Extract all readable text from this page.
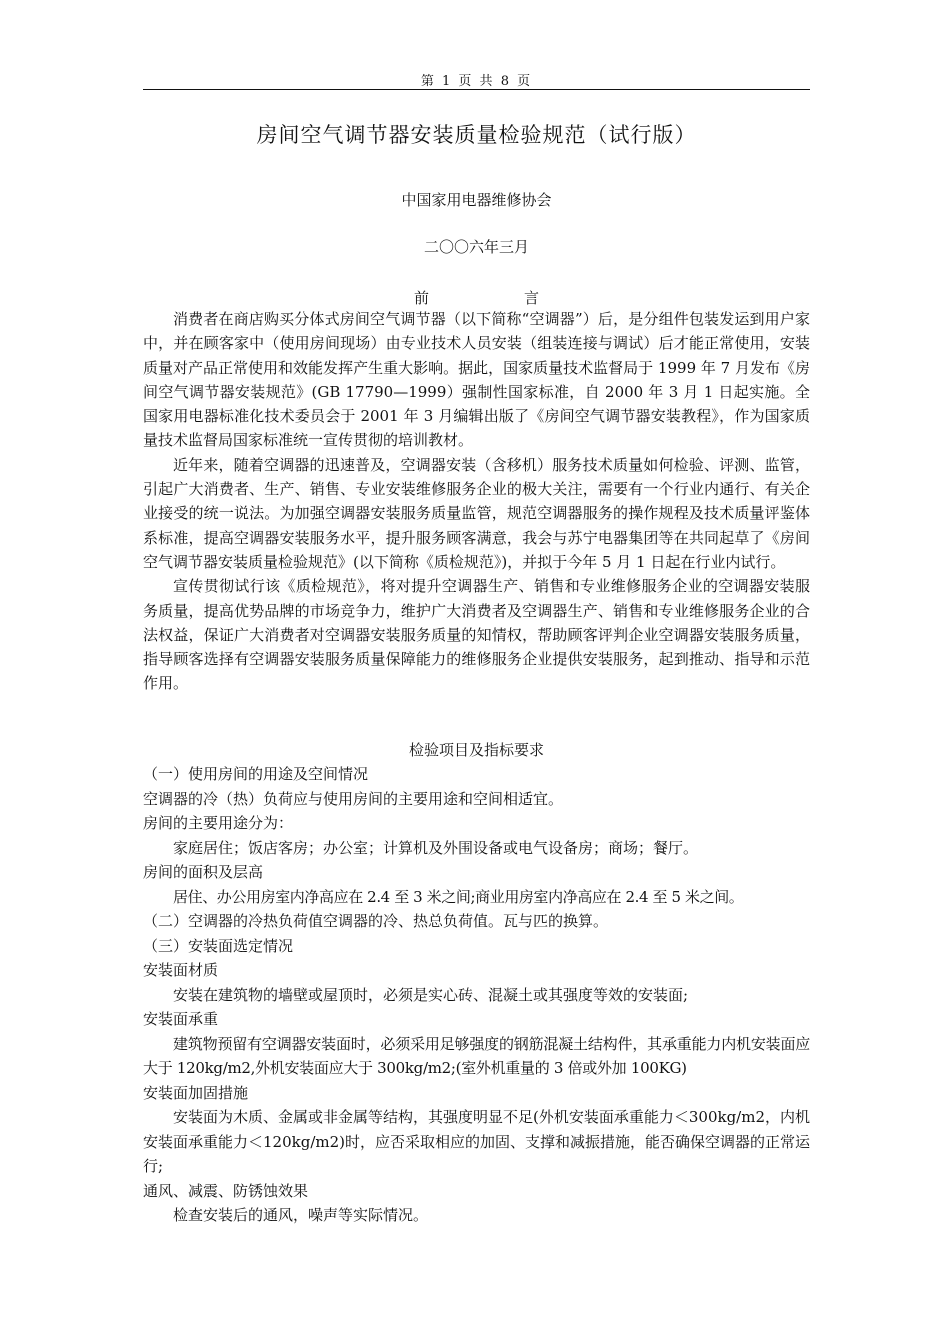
第 1 页 共 8 页
房间空气调节器安装质量检验规范（试行版）
中国家用电器维修协会
二〇〇六年三月
前	言

消费者在商店购买分体式房间空气调节器（以下简称“空调器”）后，是分组件包装发运到用户家中，并在顾客家中（使用房间现场）由专业技术人员安装（组装连接与调试）后才能正常使用，安装质量对产品正常使用和效能发挥产生重大影响。据此，国家质量技术监督局于 1999 年 7 月发布《房间空气调节器安装规范》(GB 17790—1999）强制性国家标准，自 2000 年 3 月 1 日起实施。全国家用电器标准化技术委员会于 2001 年 3 月编辑出版了《房间空气调节器安装教程》，作为国家质量技术监督局国家标准统一宣传贯彻的培训教材。

近年来，随着空调器的迅速普及，空调器安装（含移机）服务技术质量如何检验、评测、监管，引起广大消费者、生产、销售、专业安装维修服务企业的极大关注，需要有一个行业内通行、有关企业接受的统一说法。为加强空调器安装服务质量监管，规范空调器服务的操作规程及技术质量评鉴体系标准，提高空调器安装服务水平，提升服务顾客满意，我会与苏宁电器集团等在共同起草了《房间空气调节器安装质量检验规范》(以下简称《质检规范》)，并拟于今年 5 月 1 日起在行业内试行。

宣传贯彻试行该《质检规范》，将对提升空调器生产、销售和专业维修服务企业的空调器安装服务质量，提高优势品牌的市场竞争力，维护广大消费者及空调器生产、销售和专业维修服务企业的合法权益，保证广大消费者对空调器安装服务质量的知情权，帮助顾客评判企业空调器安装服务质量，指导顾客选择有空调器安装服务质量保障能力的维修服务企业提供安装服务，起到推动、指导和示范作用。

检验项目及指标要求

（一）使用房间的用途及空间情况

空调器的冷（热）负荷应与使用房间的主要用途和空间相适宜。

房间的主要用途分为：

家庭居住；饭店客房；办公室；计算机及外围设备或电气设备房；商场；餐厅。

房间的面积及层高

居住、办公用房室内净高应在 2.4 至 3 米之间;商业用房室内净高应在 2.4 至 5 米之间。

（二）空调器的冷热负荷值空调器的冷、热总负荷值。瓦与匹的换算。

（三）安装面选定情况

安装面材质

安装在建筑物的墙壁或屋顶时，必须是实心砖、混凝土或其强度等效的安装面;

安装面承重

建筑物预留有空调器安装面时，必须采用足够强度的钢筋混凝土结构件，其承重能力内机安装面应大于 120kg/m2,外机安装面应大于 300kg/m2;(室外机重量的 3 倍或外加 100KG)

安装面加固措施

安装面为木质、金属或非金属等结构，其强度明显不足(外机安装面承重能力＜300kg/m2，内机安装面承重能力＜120kg/m2)时，应否采取相应的加固、支撑和减振措施，能否确保空调器的正常运行;

通风、减震、防锈蚀效果

检查安装后的通风，噪声等实际情况。
